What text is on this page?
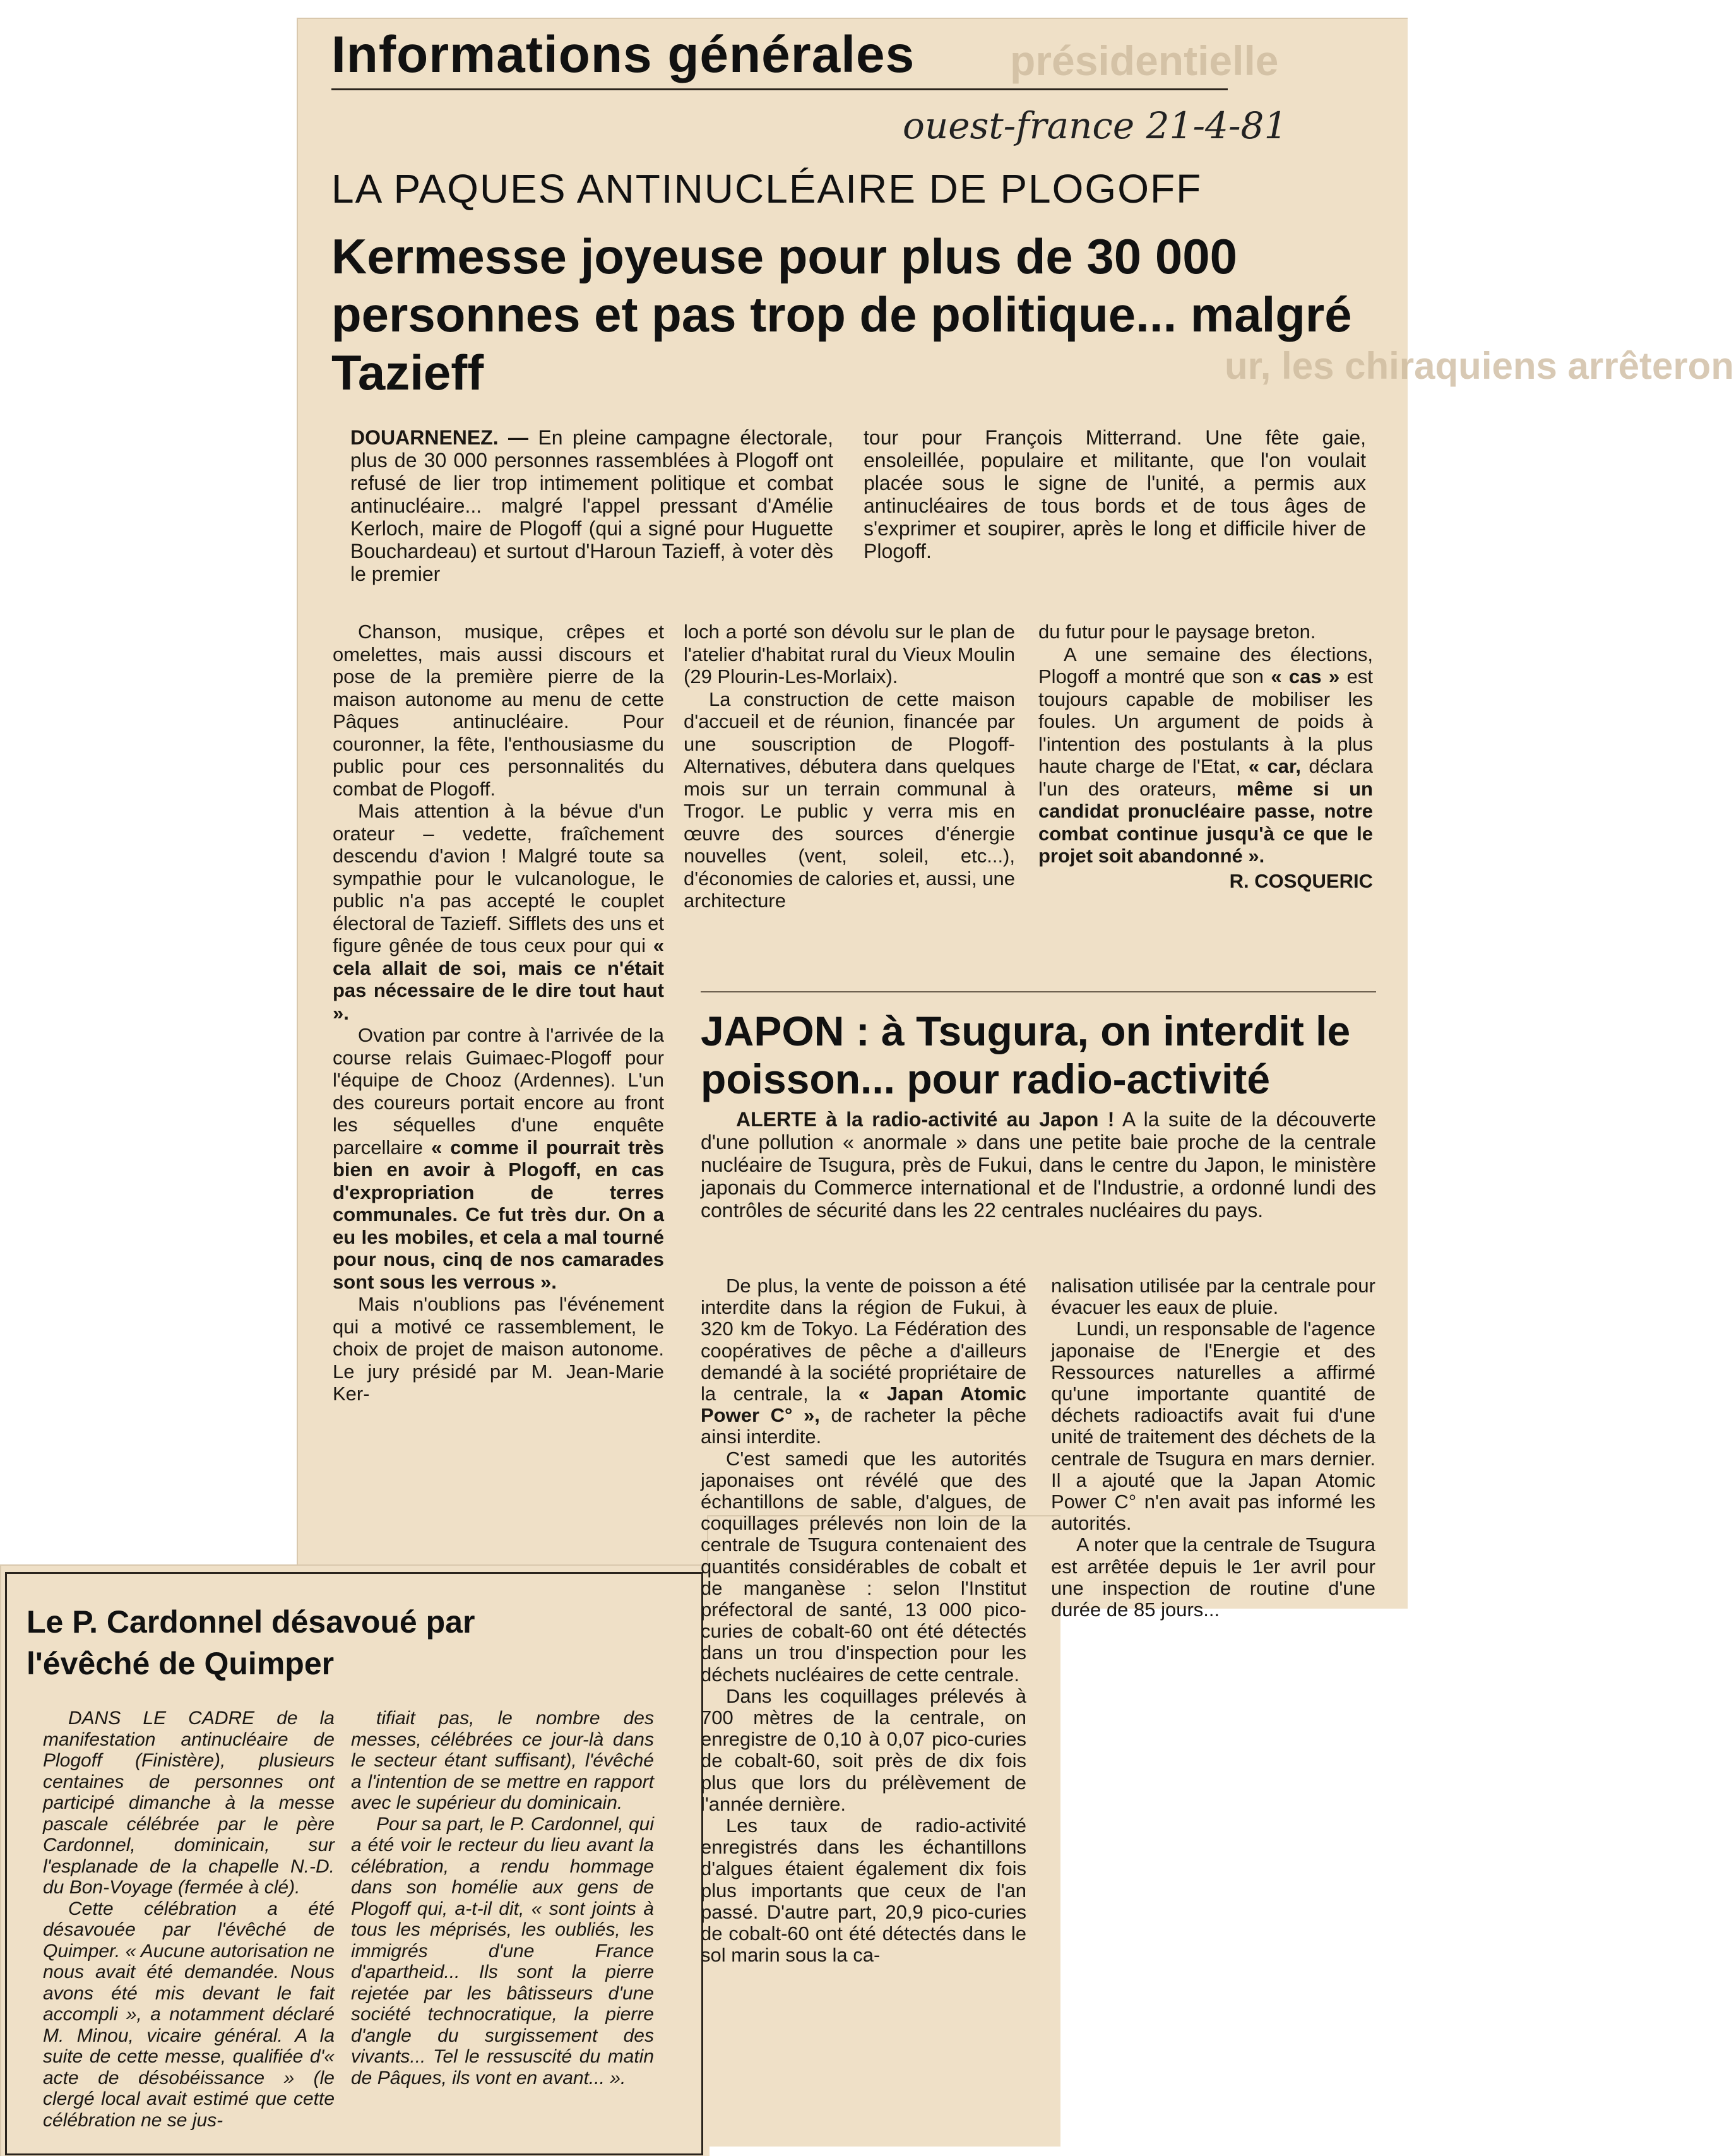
présidentielle
ur, les chiraquiens arrêteron
Informations générales
ouest-france 21-4-81
LA PAQUES ANTINUCLÉAIRE DE PLOGOFF
Kermesse joyeuse pour plus de 30 000 personnes et pas trop de politique... malgré Tazieff
DOUARNENEZ. — En pleine campagne électorale, plus de 30 000 personnes rassemblées à Plogoff ont refusé de lier trop intimement politique et combat antinucléaire... malgré l'appel pressant d'Amélie Kerloch, maire de Plogoff (qui a signé pour Huguette Bouchardeau) et surtout d'Haroun Tazieff, à voter dès le premier
tour pour François Mitterrand. Une fête gaie, ensoleillée, populaire et militante, que l'on voulait placée sous le signe de l'unité, a permis aux antinucléaires de tous bords et de tous âges de s'exprimer et soupirer, après le long et difficile hiver de Plogoff.

Chanson, musique, crêpes et omelettes, mais aussi discours et pose de la première pierre de la maison autonome au menu de cette Pâques antinucléaire. Pour couronner, la fête, l'enthousiasme du public pour ces personnalités du combat de Plogoff.

Mais attention à la bévue d'un orateur – vedette, fraîchement descendu d'avion ! Malgré toute sa sympathie pour le vulcanologue, le public n'a pas accepté le couplet électoral de Tazieff. Sifflets des uns et figure gênée de tous ceux pour qui « cela allait de soi, mais ce n'était pas nécessaire de le dire tout haut ».

Ovation par contre à l'arrivée de la course relais Guimaec-Plogoff pour l'équipe de Chooz (Ardennes). L'un des coureurs portait encore au front les séquelles d'une enquête parcellaire « comme il pourrait très bien en avoir à Plogoff, en cas d'expropriation de terres communales. Ce fut très dur. On a eu les mobiles, et cela a mal tourné pour nous, cinq de nos camarades sont sous les verrous ».

Mais n'oublions pas l'événement qui a motivé ce rassemblement, le choix de projet de maison autonome. Le jury présidé par M. Jean-Marie Ker-

loch a porté son dévolu sur le plan de l'atelier d'habitat rural du Vieux Moulin (29 Plourin-Les-Morlaix).

La construction de cette maison d'accueil et de réunion, financée par une souscription de Plogoff-Alternatives, débutera dans quelques mois sur un terrain communal à Trogor. Le public y verra mis en œuvre des sources d'énergie nouvelles (vent, soleil, etc...), d'économies de calories et, aussi, une architecture

du futur pour le paysage breton.

A une semaine des élections, Plogoff a montré que son « cas » est toujours capable de mobiliser les foules. Un argument de poids à l'intention des postulants à la plus haute charge de l'Etat, « car, déclara l'un des orateurs, même si un candidat pronucléaire passe, notre combat continue jusqu'à ce que le projet soit abandonné ».

R. COSQUERIC
JAPON : à Tsugura, on interdit le poisson... pour radio-activité

ALERTE à la radio-activité au Japon ! A la suite de la découverte d'une pollution « anormale » dans une petite baie proche de la centrale nucléaire de Tsugura, près de Fukui, dans le centre du Japon, le ministère japonais du Commerce international et de l'Industrie, a ordonné lundi des contrôles de sécurité dans les 22 centrales nucléaires du pays.

De plus, la vente de poisson a été interdite dans la région de Fukui, à 320 km de Tokyo. La Fédération des coopératives de pêche a d'ailleurs demandé à la société propriétaire de la centrale, la « Japan Atomic Power C° », de racheter la pêche ainsi interdite.

C'est samedi que les autorités japonaises ont révélé que des échantillons de sable, d'algues, de coquillages prélevés non loin de la centrale de Tsugura contenaient des quantités considérables de cobalt et de manganèse : selon l'Institut préfectoral de santé, 13 000 pico-curies de cobalt-60 ont été détectés dans un trou d'inspection pour les déchets nucléaires de cette centrale.

Dans les coquillages prélevés à 700 mètres de la centrale, on enregistre de 0,10 à 0,07 pico-curies de cobalt-60, soit près de dix fois plus que lors du prélèvement de l'année dernière.

Les taux de radio-activité enregistrés dans les échantillons d'algues étaient également dix fois plus importants que ceux de l'an passé. D'autre part, 20,9 pico-curies de cobalt-60 ont été détectés dans le sol marin sous la ca-

nalisation utilisée par la centrale pour évacuer les eaux de pluie.

Lundi, un responsable de l'agence japonaise de l'Energie et des Ressources naturelles a affirmé qu'une importante quantité de déchets radioactifs avait fui d'une unité de traitement des déchets de la centrale de Tsugura en mars dernier. Il a ajouté que la Japan Atomic Power C° n'en avait pas informé les autorités.

A noter que la centrale de Tsugura est arrêtée depuis le 1er avril pour une inspection de routine d'une durée de 85 jours...

Le P. Cardonnel désavoué par l'évêché de Quimper

DANS LE CADRE de la manifestation antinucléaire de Plogoff (Finistère), plusieurs centaines de personnes ont participé dimanche à la messe pascale célébrée par le père Cardonnel, dominicain, sur l'esplanade de la chapelle N.-D. du Bon-Voyage (fermée à clé).

Cette célébration a été désavouée par l'évêché de Quimper. « Aucune autorisation ne nous avait été demandée. Nous avons été mis devant le fait accompli », a notamment déclaré M. Minou, vicaire général. A la suite de cette messe, qualifiée d'« acte de désobéissance » (le clergé local avait estimé que cette célébration ne se jus-

tifiait pas, le nombre des messes, célébrées ce jour-là dans le secteur étant suffisant), l'évêché a l'intention de se mettre en rapport avec le supérieur du dominicain.

Pour sa part, le P. Cardonnel, qui a été voir le recteur du lieu avant la célébration, a rendu hommage dans son homélie aux gens de Plogoff qui, a-t-il dit, « sont joints à tous les méprisés, les oubliés, les immigrés d'une France d'apartheid... Ils sont la pierre rejetée par les bâtisseurs d'une société technocratique, la pierre d'angle du surgissement des vivants... Tel le ressuscité du matin de Pâques, ils vont en avant... ».
